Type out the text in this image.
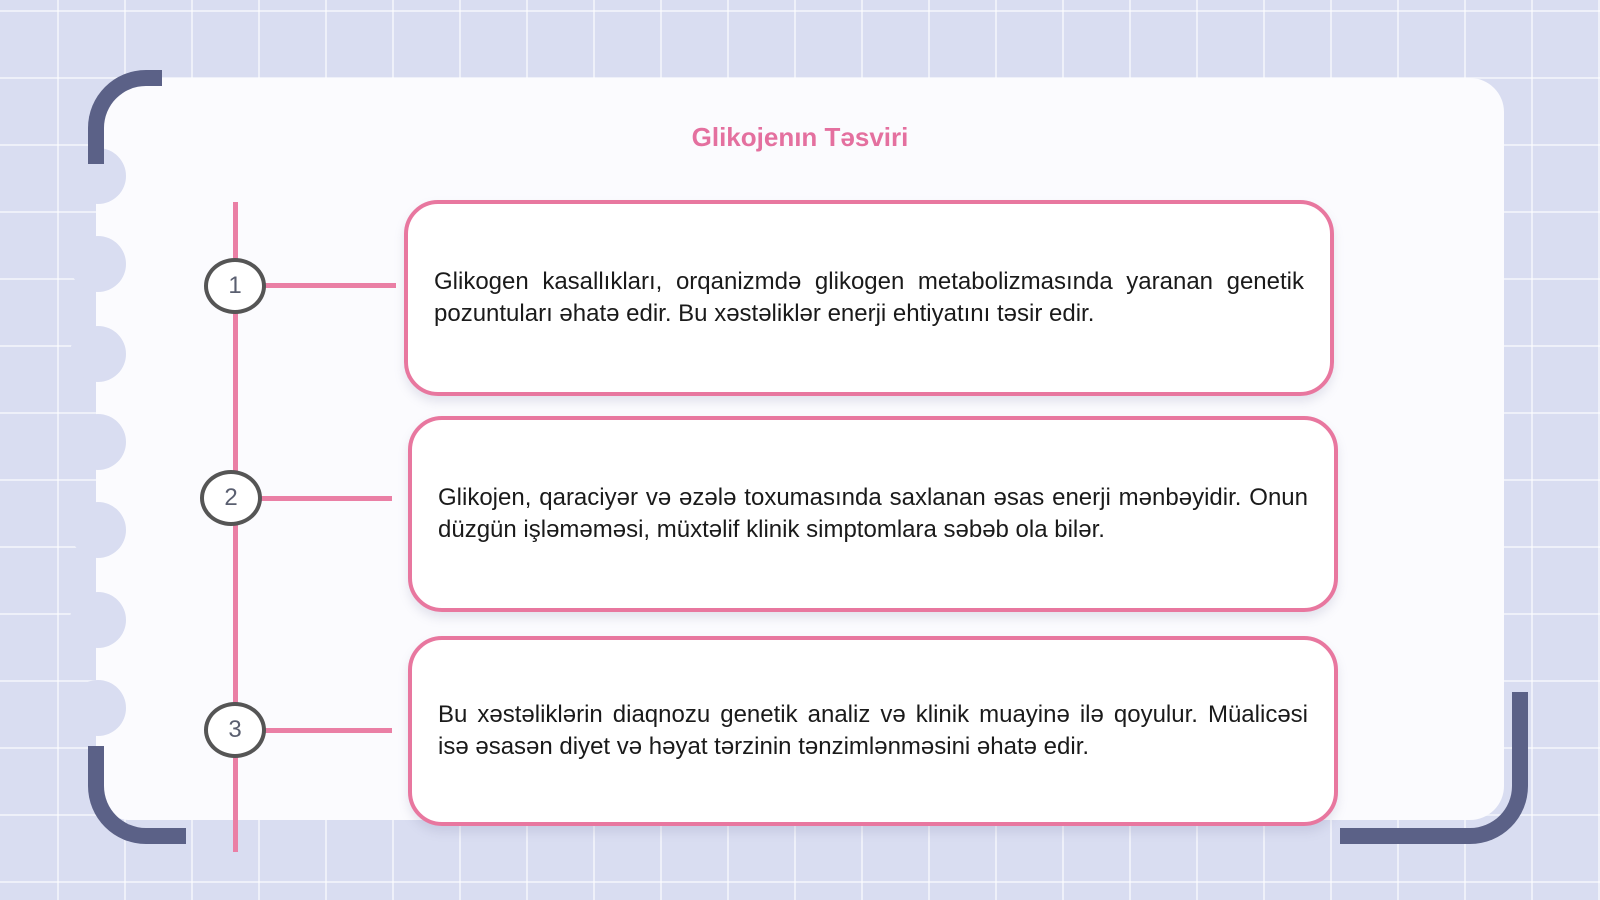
Glikojenın Təsviri
1	Glikogen kasallıkları, orqanizmdə glikogen metabolizmasında yaranan genetik pozuntuları əhatə edir. Bu xəstəliklər enerji ehtiyatını təsir edir.
2	Glikojen, qaraciyər və əzələ toxumasında saxlanan əsas enerji mənbəyidir. Onun düzgün işləməməsi, müxtəlif klinik simptomlara səbəb ola bilər.
3
Bu xəstəliklərin diaqnozu genetik analiz və klinik muayinə ilə qoyulur. Müalicəsi isə əsasən diyet və həyat tərzinin tənzimlənməsini əhatə edir.
